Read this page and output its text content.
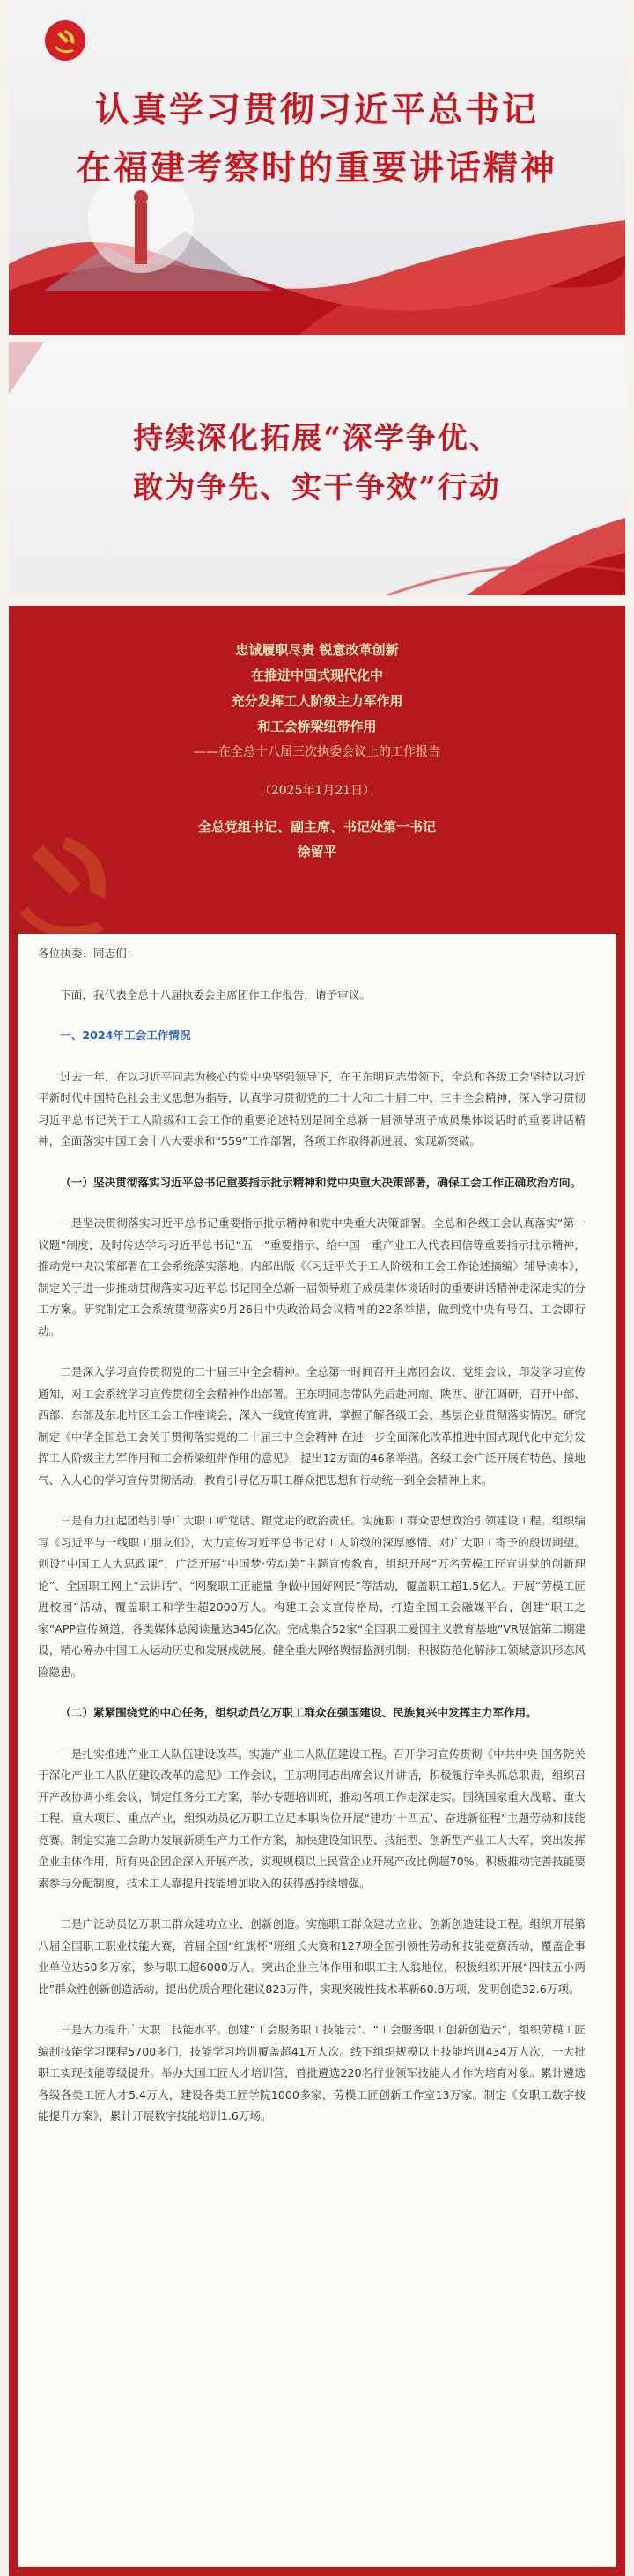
认真学习贯彻习近平总书记
在福建考察时的重要讲话精神
持续深化拓展“深学争优、
敢为争先、实干争效”行动
忠诚履职尽责 锐意改革创新
在推进中国式现代化中
充分发挥工人阶级主力军作用
和工会桥梁纽带作用
——在全总十八届三次执委会议上的工作报告
（2025年1月21日）
全总党组书记、副主席、书记处第一书记
徐留平

各位执委、同志们：

下面，我代表全总十八届执委会主席团作工作报告，请予审议。

一、2024年工会工作情况

过去一年，在以习近平同志为核心的党中央坚强领导下，在王东明同志带领下，全总和各级工会坚持以习近平新时代中国特色社会主义思想为指导，认真学习贯彻党的二十大和二十届二中、三中全会精神，深入学习贯彻习近平总书记关于工人阶级和工会工作的重要论述特别是同全总新一届领导班子成员集体谈话时的重要讲话精神，全面落实中国工会十八大要求和“559”工作部署，各项工作取得新进展、实现新突破。

（一）坚决贯彻落实习近平总书记重要指示批示精神和党中央重大决策部署，确保工会工作正确政治方向。

一是坚决贯彻落实习近平总书记重要指示批示精神和党中央重大决策部署。全总和各级工会认真落实“第一议题”制度，及时传达学习习近平总书记“五一”重要指示、给中国一重产业工人代表回信等重要指示批示精神，推动党中央决策部署在工会系统落实落地。内部出版《〈习近平关于工人阶级和工会工作论述摘编〉辅导读本》，制定关于进一步推动贯彻落实习近平总书记同全总新一届领导班子成员集体谈话时的重要讲话精神走深走实的分工方案。研究制定工会系统贯彻落实9月26日中央政治局会议精神的22条举措，做到党中央有号召、工会即行动。

二是深入学习宣传贯彻党的二十届三中全会精神。全总第一时间召开主席团会议、党组会议，印发学习宣传通知，对工会系统学习宣传贯彻全会精神作出部署。王东明同志带队先后赴河南、陕西、浙江调研，召开中部、西部、东部及东北片区工会工作座谈会，深入一线宣传宣讲，掌握了解各级工会、基层企业贯彻落实情况。研究制定《中华全国总工会关于贯彻落实党的二十届三中全会精神 在进一步全面深化改革推进中国式现代化中充分发挥工人阶级主力军作用和工会桥梁纽带作用的意见》，提出12方面的46条举措。各级工会广泛开展有特色、接地气、入人心的学习宣传贯彻活动，教育引导亿万职工群众把思想和行动统一到全会精神上来。

三是有力扛起团结引导广大职工听党话、跟党走的政治责任。实施职工群众思想政治引领建设工程。组织编写《习近平与一线职工朋友们》，大力宣传习近平总书记对工人阶级的深厚感情、对广大职工寄予的殷切期望。创设“中国工人大思政课”，广泛开展“中国梦·劳动美”主题宣传教育，组织开展“万名劳模工匠宣讲党的创新理论”、全国职工网上“云讲话”、“网聚职工正能量 争做中国好网民”等活动，覆盖职工超1.5亿人。开展“劳模工匠进校园”活动，覆盖职工和学生超2000万人。构建工会文宣传格局，打造全国工会融媒平台，创建“职工之家”APP宣传频道，各类媒体总阅读量达345亿次。完成集合52家“全国职工爱国主义教育基地”VR展馆第二期建设，精心筹办中国工人运动历史和发展成就展。健全重大网络舆情监测机制，积极防范化解涉工领域意识形态风险隐患。

（二）紧紧围绕党的中心任务，组织动员亿万职工群众在强国建设、民族复兴中发挥主力军作用。

一是扎实推进产业工人队伍建设改革。实施产业工人队伍建设工程。召开学习宣传贯彻《中共中央 国务院关于深化产业工人队伍建设改革的意见》工作会议，王东明同志出席会议并讲话，积极履行牵头抓总职责，组织召开产改协调小组会议，制定任务分工方案，举办专题培训班，推动各项工作走深走实。围绕国家重大战略、重大工程、重大项目、重点产业，组织动员亿万职工立足本职岗位开展“建功‘十四五’、奋进新征程”主题劳动和技能竞赛。制定实施工会助力发展新质生产力工作方案，加快建设知识型、技能型、创新型产业工人大军，突出发挥企业主体作用，所有央企团企深入开展产改，实现规模以上民营企业开展产改比例超70%。积极推动完善技能要素参与分配制度，技术工人靠提升技能增加收入的获得感持续增强。

二是广泛动员亿万职工群众建功立业、创新创造。实施职工群众建功立业、创新创造建设工程。组织开展第八届全国职工职业技能大赛，首届全国“红旗杯”班组长大赛和127项全国引领性劳动和技能竞赛活动，覆盖企事业单位达50多万家，参与职工超6000万人。突出企业主体作用和职工主人翁地位，积极组织开展“四技五小两比”群众性创新创造活动，提出优质合理化建议823万件，实现突破性技术革新60.8万项、发明创造32.6万项。

三是大力提升广大职工技能水平。创建“工会服务职工技能云”、“工会服务职工创新创造云”，组织劳模工匠编制技能学习课程5700多门，技能学习培训覆盖超41万人次。线下组织规模以上技能培训434万人次，一大批职工实现技能等级提升。举办大国工匠人才培训营，首批遴选220名行业领军技能人才作为培育对象。累计遴选各级各类工匠人才5.4万人，建设各类工匠学院1000多家，劳模工匠创新工作室13万家。制定《女职工数字技能提升方案》，累计开展数字技能培训1.6万场。
